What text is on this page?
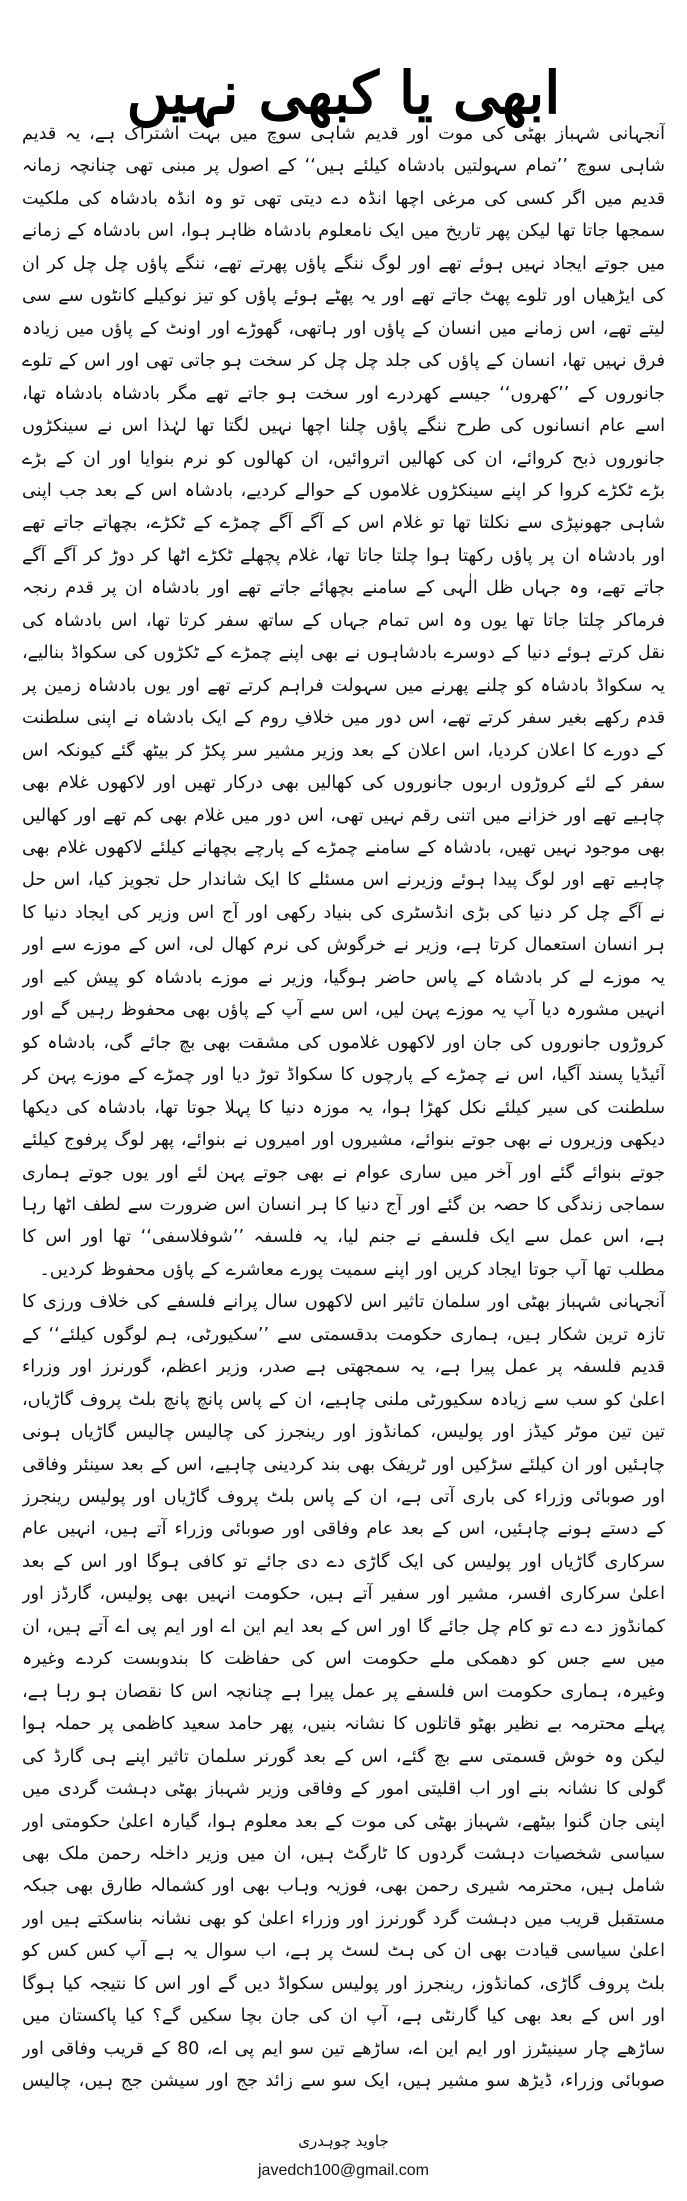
ابھی یا کبھی نہیں

آنجہانی شہباز بھٹی کی موت اور قدیم شاہی سوچ میں بہت اشتراک ہے، یہ قدیم شاہی سوچ ’’تمام سہولتیں بادشاہ کیلئے ہیں‘‘ کے اصول پر مبنی تھی چنانچہ زمانہ قدیم میں اگر کسی کی مرغی اچھا انڈہ دے دیتی تھی تو وہ انڈہ بادشاہ کی ملکیت سمجھا جاتا تھا لیکن پھر تاریخ میں ایک نامعلوم بادشاہ ظاہر ہوا، اس بادشاہ کے زمانے میں جوتے ایجاد نہیں ہوئے تھے اور لوگ ننگے پاؤں پھرتے تھے، ننگے پاؤں چل چل کر ان کی ایڑھیاں اور تلوے پھٹ جاتے تھے اور یہ پھٹے ہوئے پاؤں کو تیز نوکیلے کانٹوں سے سی لیتے تھے، اس زمانے میں انسان کے پاؤں اور ہاتھی، گھوڑے اور اونٹ کے پاؤں میں زیادہ فرق نہیں تھا، انسان کے پاؤں کی جلد چل چل کر سخت ہو جاتی تھی اور اس کے تلوے جانوروں کے ’’کھروں‘‘ جیسے کھردرے اور سخت ہو جاتے تھے مگر بادشاہ بادشاہ تھا، اسے عام انسانوں کی طرح ننگے پاؤں چلنا اچھا نہیں لگتا تھا لہٰذا اس نے سینکڑوں جانوروں ذبح کروائے، ان کی کھالیں اتروائیں، ان کھالوں کو نرم بنوایا اور ان کے بڑے بڑے ٹکڑے کروا کر اپنے سینکڑوں غلاموں کے حوالے کردیے، بادشاہ اس کے بعد جب اپنی شاہی جھونپڑی سے نکلتا تھا تو غلام اس کے آگے آگے چمڑے کے ٹکڑے، بچھاتے جاتے تھے اور بادشاہ ان پر پاؤں رکھتا ہوا چلتا جاتا تھا، غلام پچھلے ٹکڑے اٹھا کر دوڑ کر آگے آگے جاتے تھے، وہ جہاں ظل الٰہی کے سامنے بچھائے جاتے تھے اور بادشاہ ان پر قدم رنجہ فرماکر چلتا جاتا تھا یوں وہ اس تمام جہاں کے ساتھ سفر کرتا تھا، اس بادشاہ کی نقل کرتے ہوئے دنیا کے دوسرے بادشاہوں نے بھی اپنے چمڑے کے ٹکڑوں کی سکواڈ بنالیے، یہ سکواڈ بادشاہ کو چلنے پھرنے میں سہولت فراہم کرتے تھے اور یوں بادشاہ زمین پر قدم رکھے بغیر سفر کرتے تھے، اس دور میں خلافِ روم کے ایک بادشاہ نے اپنی سلطنت کے دورے کا اعلان کردیا، اس اعلان کے بعد وزیر مشیر سر پکڑ کر بیٹھ گئے کیونکہ اس سفر کے لئے کروڑوں اربوں جانوروں کی کھالیں بھی درکار تھیں اور لاکھوں غلام بھی چاہیے تھے اور خزانے میں اتنی رقم نہیں تھی، اس دور میں غلام بھی کم تھے اور کھالیں بھی موجود نہیں تھیں، بادشاہ کے سامنے چمڑے کے پارچے بچھانے کیلئے لاکھوں غلام بھی چاہیے تھے اور لوگ پیدا ہوئے وزیرنے اس مسئلے کا ایک شاندار حل تجویز کیا، اس حل نے آگے چل کر دنیا کی بڑی انڈسٹری کی بنیاد رکھی اور آج اس وزیر کی ایجاد دنیا کا ہر انسان استعمال کرتا ہے، وزیر نے خرگوش کی نرم کھال لی، اس کے موزے سے اور یہ موزے لے کر بادشاہ کے پاس حاضر ہوگیا، وزیر نے موزے بادشاہ کو پیش کیے اور انہیں مشورہ دیا آپ یہ موزے پہن لیں، اس سے آپ کے پاؤں بھی محفوظ رہیں گے اور کروڑوں جانوروں کی جان اور لاکھوں غلاموں کی مشقت بھی بچ جائے گی، بادشاہ کو آئیڈیا پسند آگیا، اس نے چمڑے کے پارچوں کا سکواڈ توڑ دیا اور چمڑے کے موزے پہن کر سلطنت کی سیر کیلئے نکل کھڑا ہوا، یہ موزہ دنیا کا پہلا جوتا تھا، بادشاہ کی دیکھا دیکھی وزیروں نے بھی جوتے بنوائے، مشیروں اور امیروں نے بنوائے، پھر لوگ پرفوج کیلئے جوتے بنوائے گئے اور آخر میں ساری عوام نے بھی جوتے پہن لئے اور یوں جوتے ہماری سماجی زندگی کا حصہ بن گئے اور آج دنیا کا ہر انسان اس ضرورت سے لطف اٹھا رہا ہے، اس عمل سے ایک فلسفے نے جنم لیا، یہ فلسفہ ’’شوفلاسفی‘‘ تھا اور اس کا مطلب تھا آپ جوتا ایجاد کریں اور اپنے سمیت پورے معاشرے کے پاؤں محفوظ کردیں۔

آنجہانی شہباز بھٹی اور سلمان تاثیر اس لاکھوں سال پرانے فلسفے کی خلاف ورزی کا تازہ ترین شکار ہیں، ہماری حکومت بدقسمتی سے ’’سکیورٹی، ہم لوگوں کیلئے‘‘ کے قدیم فلسفہ پر عمل پیرا ہے، یہ سمجھتی ہے صدر، وزیر اعظم، گورنرز اور وزراء اعلیٰ کو سب سے زیادہ سکیورٹی ملنی چاہیے، ان کے پاس پانچ پانچ بلٹ پروف گاڑیاں، تین تین موٹر کیڈز اور پولیس، کمانڈوز اور رینجرز کی چالیس چالیس گاڑیاں ہونی چاہئیں اور ان کیلئے سڑکیں اور ٹریفک بھی بند کردینی چاہیے، اس کے بعد سینئر وفاقی اور صوبائی وزراء کی باری آتی ہے، ان کے پاس بلٹ پروف گاڑیاں اور پولیس رینجرز کے دستے ہونے چاہئیں، اس کے بعد عام وفاقی اور صوبائی وزراء آتے ہیں، انہیں عام سرکاری گاڑیاں اور پولیس کی ایک گاڑی دے دی جائے تو کافی ہوگا اور اس کے بعد اعلیٰ سرکاری افسر، مشیر اور سفیر آتے ہیں، حکومت انہیں بھی پولیس، گارڈز اور کمانڈوز دے دے تو کام چل جائے گا اور اس کے بعد ایم این اے اور ایم پی اے آتے ہیں، ان میں سے جس کو دھمکی ملے حکومت اس کی حفاظت کا بندوبست کردے وغیرہ وغیرہ، ہماری حکومت اس فلسفے پر عمل پیرا ہے چنانچہ اس کا نقصان ہو رہا ہے، پہلے محترمہ بے نظیر بھٹو قاتلوں کا نشانہ بنیں، پھر حامد سعید کاظمی پر حملہ ہوا لیکن وہ خوش قسمتی سے بچ گئے، اس کے بعد گورنر سلمان تاثیر اپنے ہی گارڈ کی گولی کا نشانہ بنے اور اب اقلیتی امور کے وفاقی وزیر شہباز بھٹی دہشت گردی میں اپنی جان گنوا بیٹھے، شہباز بھٹی کی موت کے بعد معلوم ہوا، گیارہ اعلیٰ حکومتی اور سیاسی شخصیات دہشت گردوں کا ٹارگٹ ہیں، ان میں وزیر داخلہ رحمن ملک بھی شامل ہیں، محترمہ شیری رحمن بھی، فوزیہ وہاب بھی اور کشمالہ طارق بھی جبکہ مستقبل قریب میں دہشت گرد گورنرز اور وزراء اعلیٰ کو بھی نشانہ بناسکتے ہیں اور اعلیٰ سیاسی قیادت بھی ان کی ہٹ لسٹ پر ہے، اب سوال یہ ہے آپ کس کس کو بلٹ پروف گاڑی، کمانڈوز، رینجرز اور پولیس سکواڈ دیں گے اور اس کا نتیجہ کیا ہوگا اور اس کے بعد بھی کیا گارنٹی ہے، آپ ان کی جان بچا سکیں گے؟ کیا پاکستان میں ساڑھے چار سینیٹرز اور ایم این اے، ساڑھے تین سو ایم پی اے، 80 کے قریب وفاقی اور صوبائی وزراء، ڈیڑھ سو مشیر ہیں، ایک سو سے زائد جج اور سیشن جج ہیں، چالیس

جاوید چوہدری
javedch100@gmail.com
